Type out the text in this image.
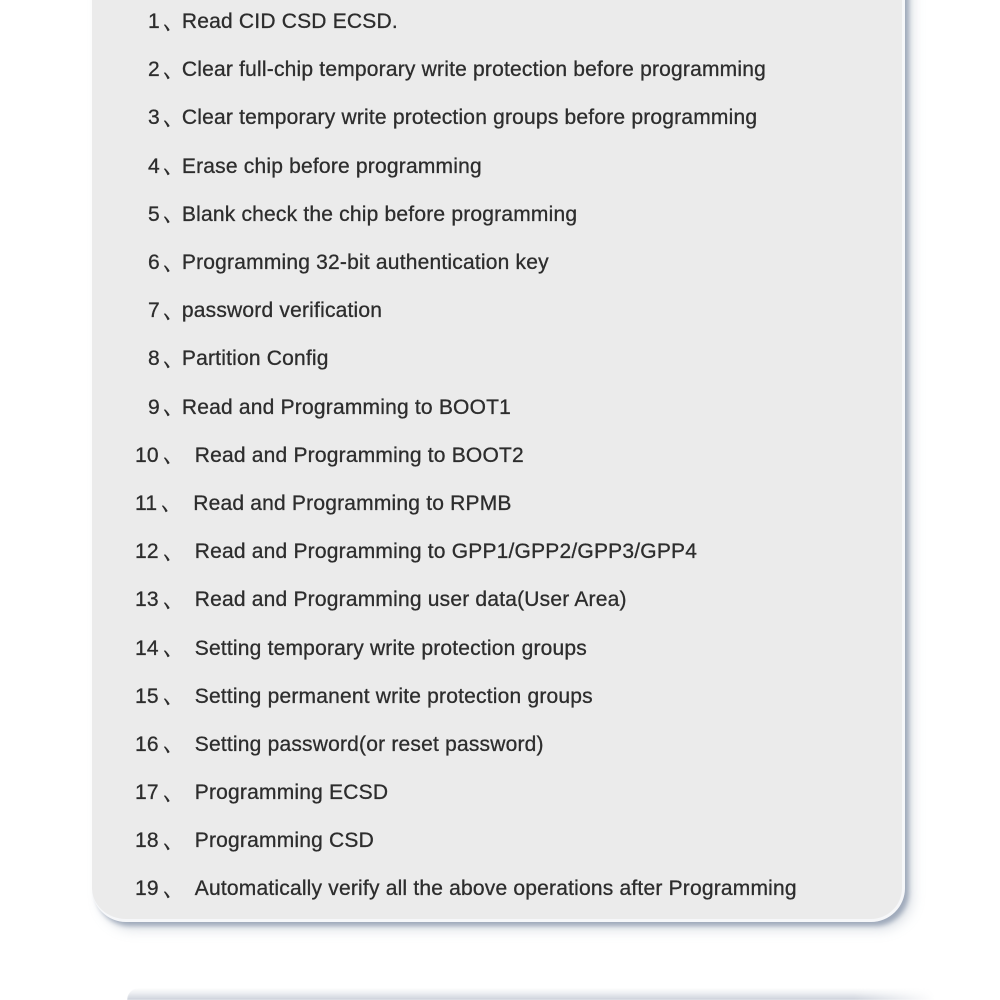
1 Read CID CSD ECSD.
2 Clear full-chip temporary write protection before programming
3 Clear temporary write protection groups before programming
4 Erase chip before programming
5 Blank check the chip before programming
6 Programming 32-bit authentication key
7 password verification
8 Partition Config
9 Read and Programming to BOOT1
10 Read and Programming to BOOT2
11 Read and Programming to RPMB
12 Read and Programming to GPP1/GPP2/GPP3/GPP4
13 Read and Programming user data(User Area)
14 Setting temporary write protection groups
15 Setting permanent write protection groups
16 Setting password(or reset password)
17 Programming ECSD
18 Programming CSD
19 Automatically verify all the above operations after Programming
